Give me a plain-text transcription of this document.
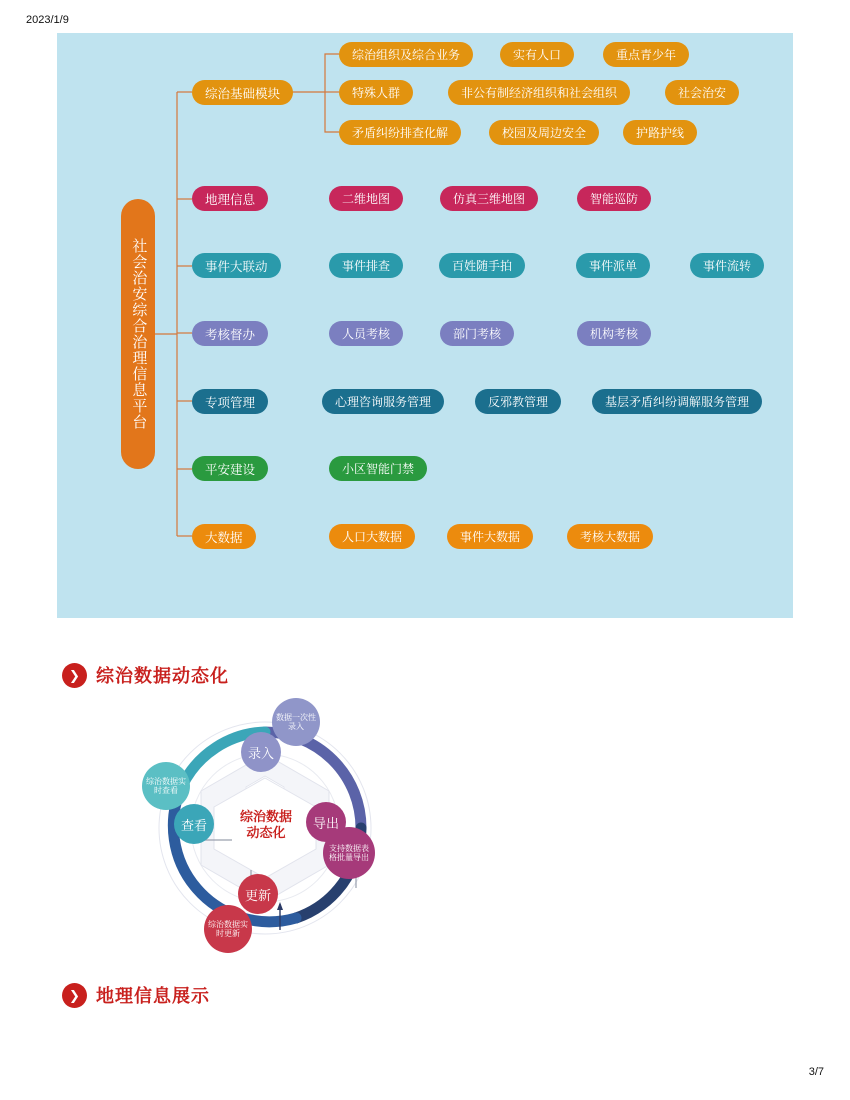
2023/1/9
3/7
社会治安综合治理信息平台
综治基础模块
综治组织及综合业务	实有人口	重点青少年
特殊人群	非公有制经济组织和社会组织	社会治安
矛盾纠纷排查化解	校园及周边安全	护路护线
地理信息	二维地图	仿真三维地图	智能巡防
事件大联动	事件排查	百姓随手拍	事件派单	事件流转
考核督办	人员考核	部门考核	机构考核
专项管理	心理咨询服务管理	反邪教管理	基层矛盾纠纷调解服务管理
平安建设	小区智能门禁
大数据	人口大数据	事件大数据	考核大数据
❯ 综治数据动态化
录入
导出
更新
查看
数据一次性录入
支持数据表格批量导出
综治数据实时更新
综治数据实时查看
综治数据
动态化
❯ 地理信息展示
